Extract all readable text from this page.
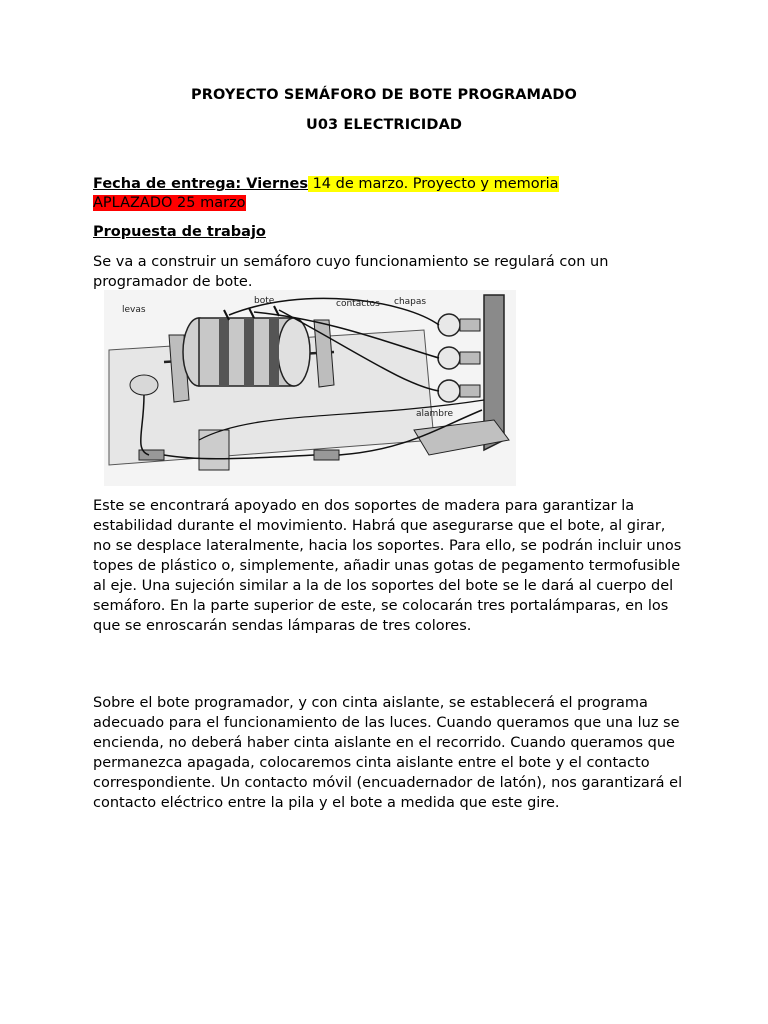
PROYECTO SEMÁFORO DE BOTE PROGRAMADO
U03 ELECTRICIDAD
Fecha de entrega: Viernes 14 de marzo. Proyecto y memoria
APLAZADO 25 marzo
Propuesta de trabajo

Se va a construir un semáforo cuyo funcionamiento se regulará con un programador de bote.

levas
bote	contactos chapas
alambre

Este se encontrará apoyado en dos soportes de madera para garantizar la estabilidad durante el movimiento. Habrá que asegurarse que el bote, al girar, no se desplace lateralmente, hacia los soportes. Para ello, se podrán incluir unos topes de plástico o, simplemente, añadir unas gotas de pegamento termofusible al eje. Una sujeción similar a la de los soportes del bote se le dará al cuerpo del semáforo. En la parte superior de este, se colocarán tres portalámparas, en los que se enroscarán sendas lámparas de tres colores.

Sobre el bote programador, y con cinta aislante, se establecerá el programa adecuado para el funcionamiento de las luces. Cuando queramos que una luz se encienda, no deberá haber cinta aislante en el recorrido. Cuando queramos que permanezca apagada, colocaremos cinta aislante entre el bote y el contacto correspondiente. Un contacto móvil (encuadernador de latón), nos garantizará el contacto eléctrico entre la pila y el bote a medida que este gire.
